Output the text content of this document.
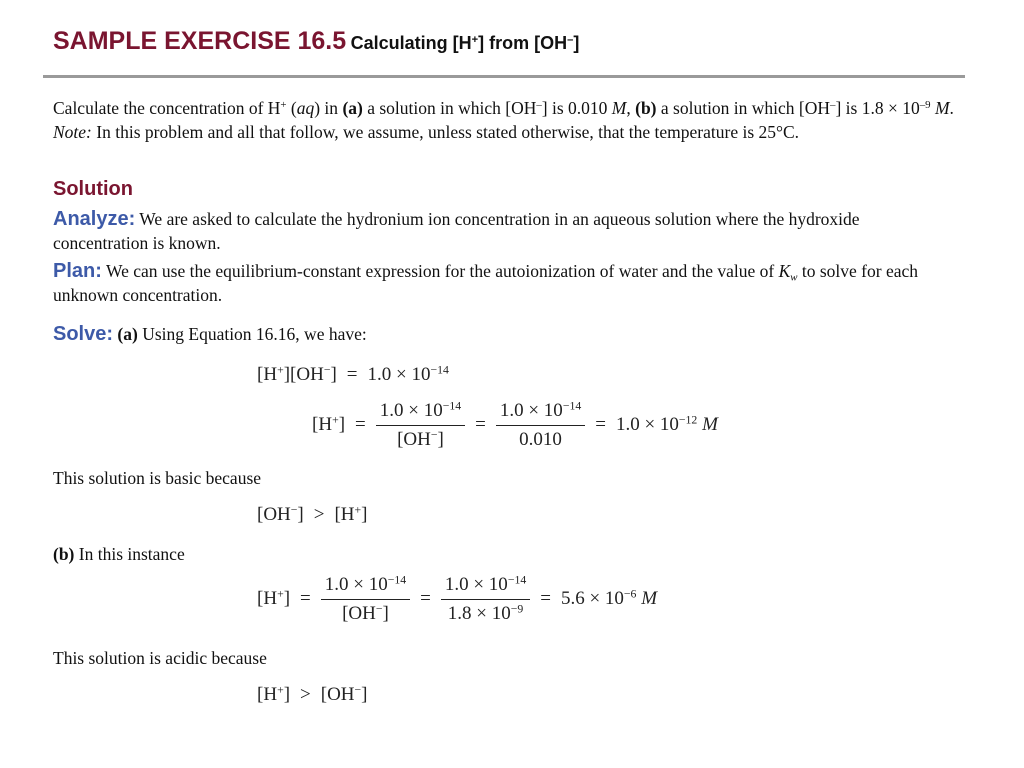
SAMPLE EXERCISE 16.5 Calculating [H+] from [OH–]
Calculate the concentration of H+ (aq) in (a) a solution in which [OH–] is 0.010 M, (b) a solution in which [OH–] is $1.8 \times 10^{-9}$ M. Note: In this problem and all that follow, we assume, unless stated otherwise, that the temperature is 25°C.
Solution
Analyze: We are asked to calculate the hydronium ion concentration in an aqueous solution where the hydroxide concentration is known.
Plan: We can use the equilibrium-constant expression for the autoionization of water and the value of $K_w$ to solve for each unknown concentration.
Solve: (a) Using Equation 16.16, we have:
$[H^+][OH^-] = 1.0 \times 10^{-14}$
$[H^+] = \frac{1.0 \times 10^{-14}}{[OH^-]} = \frac{1.0 \times 10^{-14}}{0.010} = 1.0 \times 10^{-12}$ M
This solution is basic because
[OH−] > [H+]
(b) In this instance
$[H^+] = \frac{1.0 \times 10^{-14}}{[OH^-]} = \frac{1.0 \times 10^{-14}}{1.8 \times 10^{-9}} = 5.6 \times 10^{-6}$ M
This solution is acidic because
[H+] > [OH−]
